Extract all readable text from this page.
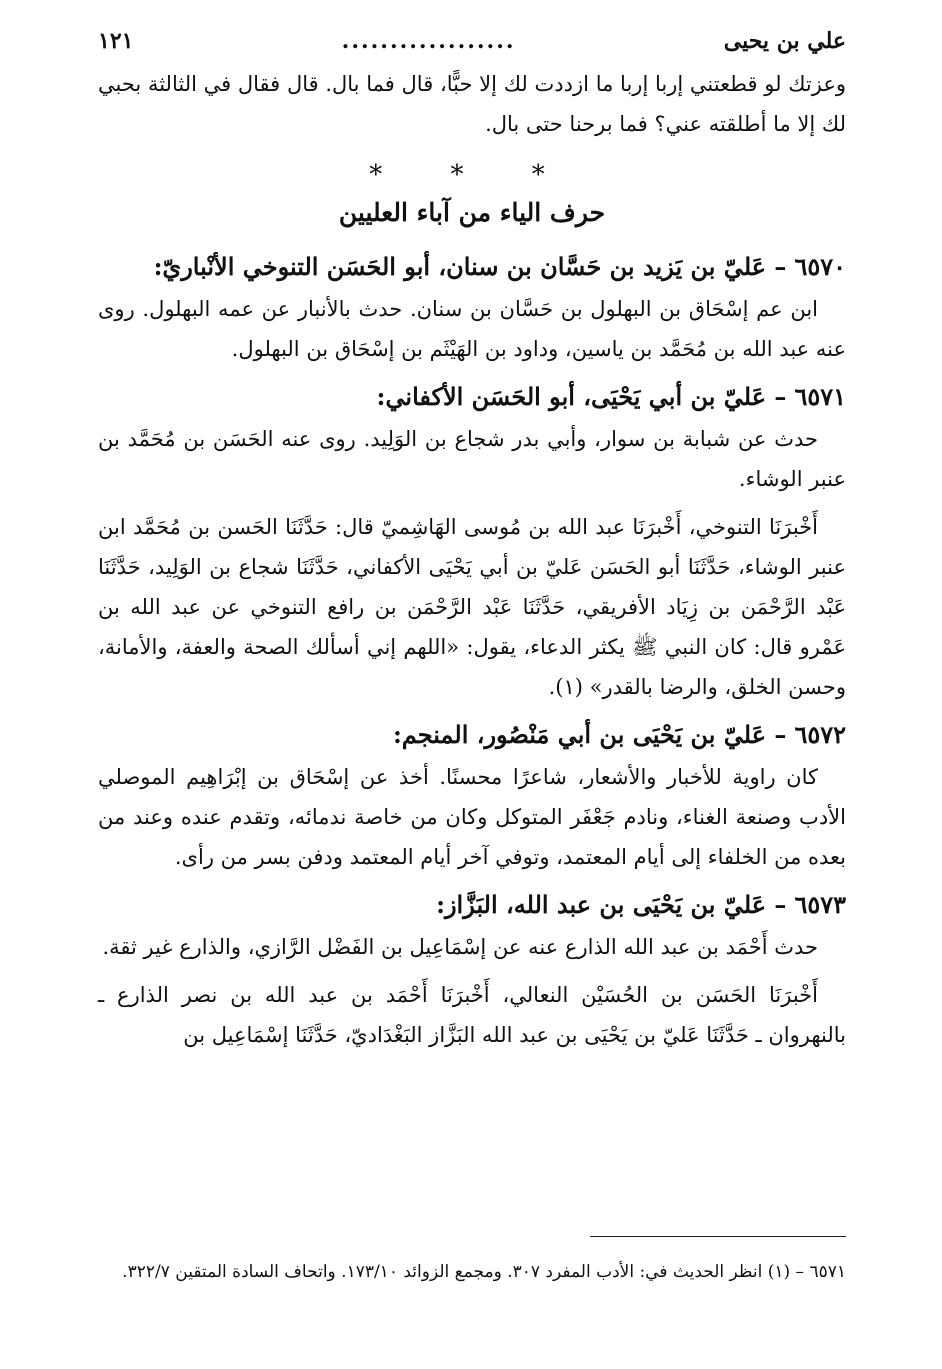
علي بن يحيى
..................
١٢١

وعزتك لو قطعتني إربا إربا ما ازددت لك إلا حبًّا، قال فما بال. قال فقال في الثالثة بحبي لك إلا ما أطلقته عني؟ فما برحنا حتى بال.

* * *
حرف الياء من آباء العليين
٦٥٧٠– عَليّ بن يَزيد بن حَسَّان بن سنان، أبو الحَسَن التنوخي الأنْباريّ:

ابن عم إسْحَاق بن البهلول بن حَسَّان بن سنان. حدث بالأنبار عن عمه البهلول. روى عنه عبد الله بن مُحَمَّد بن ياسين، وداود بن الهَيْثَم بن إسْحَاق بن البهلول.

٦٥٧١– عَليّ بن أبي يَحْيَى، أبو الحَسَن الأكفاني:

حدث عن شبابة بن سوار، وأبي بدر شجاع بن الوَلِيد. روى عنه الحَسَن بن مُحَمَّد بن عنبر الوشاء.

أَخْبرَنَا التنوخي، أَخْبرَنَا عبد الله بن مُوسى الهَاشِميّ قال: حَدَّثَنَا الحَسن بن مُحَمَّد ابن عنبر الوشاء، حَدَّثَنَا أبو الحَسَن عَليّ بن أبي يَحْيَى الأكفاني، حَدَّثَنَا شجاع بن الوَلِيد، حَدَّثَنَا عَبْد الرَّحْمَن بن زِيَاد الأفريقي، حَدَّثَنَا عَبْد الرَّحْمَن بن رافع التنوخي عن عبد الله بن عَمْرو قال: كان النبي ﷺ يكثر الدعاء، يقول: «اللهم إني أسألك الصحة والعفة، والأمانة، وحسن الخلق، والرضا بالقدر» (١).

٦٥٧٢– عَليّ بن يَحْيَى بن أبي مَنْصُور، المنجم:

كان راوية للأخبار والأشعار، شاعرًا محسنًا. أخذ عن إسْحَاق بن إبْرَاهِيم الموصلي الأدب وصنعة الغناء، ونادم جَعْفَر المتوكل وكان من خاصة ندمائه، وتقدم عنده وعند من بعده من الخلفاء إلى أيام المعتمد، وتوفي آخر أيام المعتمد ودفن بسر من رأى.

٦٥٧٣– عَليّ بن يَحْيَى بن عبد الله، البَزَّاز:

حدث أَحْمَد بن عبد الله الذارع عنه عن إسْمَاعِيل بن الفَضْل الرَّازي، والذارع غير ثقة.

أَخْبرَنَا الحَسَن بن الحُسَيْن النعالي، أَخْبرَنَا أَحْمَد بن عبد الله بن نصر الذارع ـ بالنهروان ـ حَدَّثَنَا عَليّ بن يَحْيَى بن عبد الله البَزَّاز البَغْدَاديّ، حَدَّثَنَا إسْمَاعِيل بن

٦٥٧١ – (١) انظر الحديث في: الأدب المفرد ٣٠٧. ومجمع الزوائد ١٧٣/١٠. واتحاف السادة المتقين ٣٢٢/٧.
